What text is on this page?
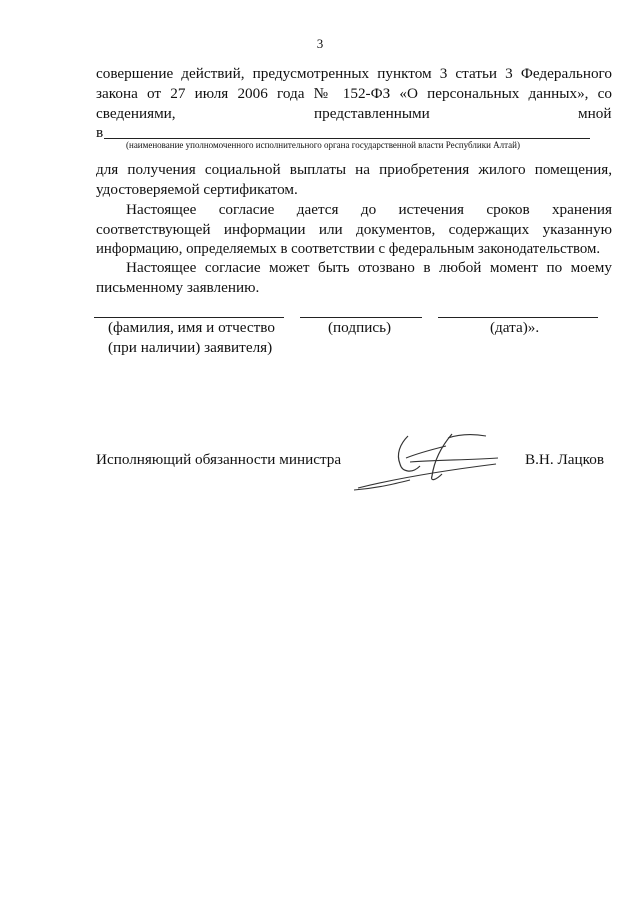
3
совершение действий, предусмотренных пунктом 3 статьи 3 Федерального
закона от 27 июля 2006 года № 152-ФЗ «О персональных данных», со
сведениями,	представленными	мной
в
(наименование уполномоченного исполнительного органа государственной власти Республики Алтай)
для получения социальной выплаты на приобретения жилого помещения,
удостоверяемой сертификатом.
Настоящее согласие дается до истечения сроков хранения
соответствующей информации или документов, содержащих указанную
информацию, определяемых в соответствии с федеральным законодательством.
Настоящее согласие может быть отозвано в любой момент по моему
письменному заявлению.
(фамилия, имя и отчество
(при наличии) заявителя)
(подпись)	(дата)».
Исполняющий обязанности министра	В.Н. Лацков
